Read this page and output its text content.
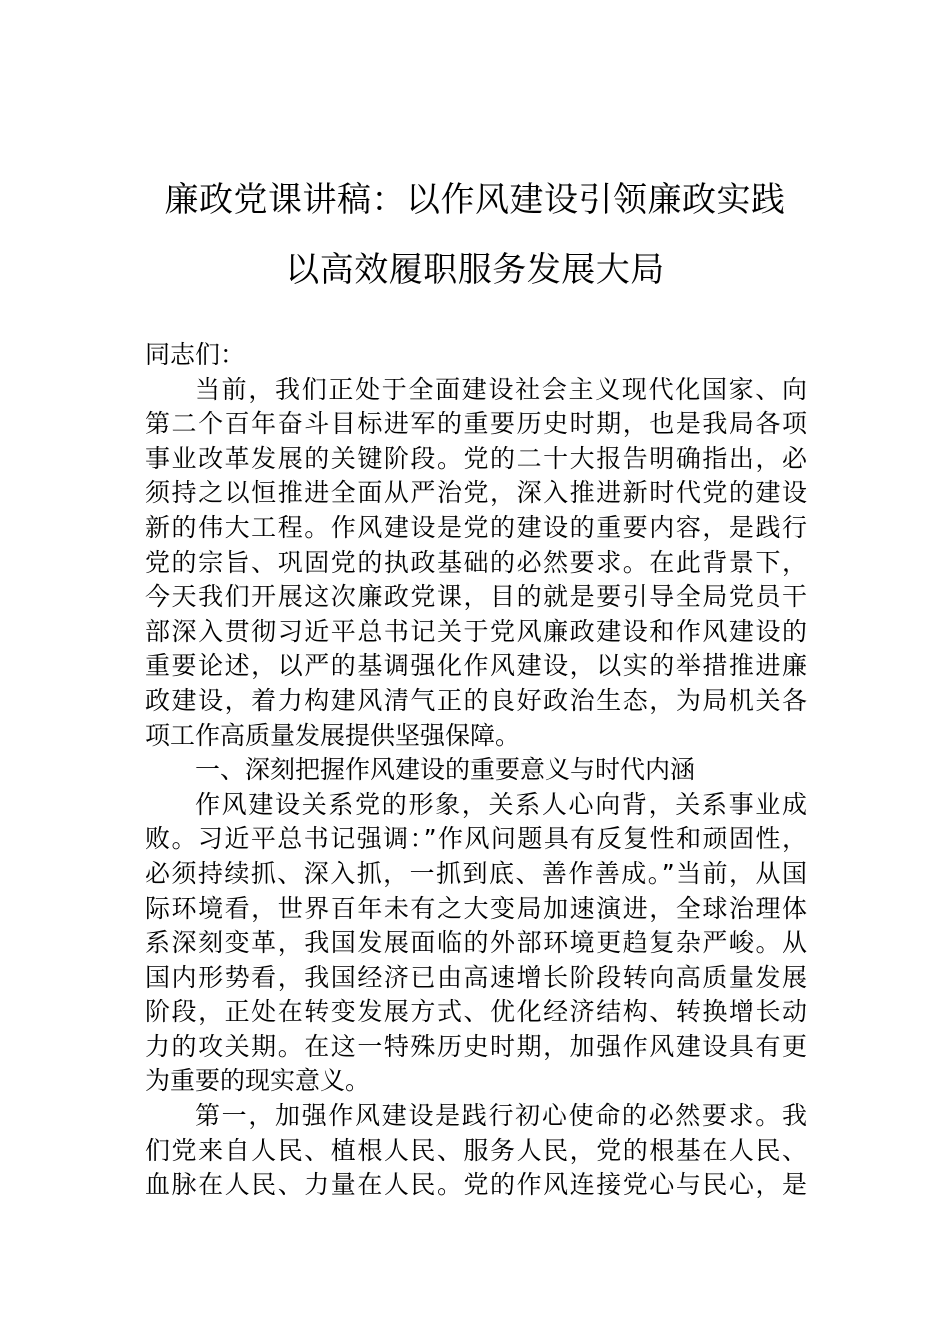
廉政党课讲稿：以作风建设引领廉政实践
以高效履职服务发展大局
同志们：
当前，我们正处于全面建设社会主义现代化国家、向
第二个百年奋斗目标进军的重要历史时期，也是我局各项
事业改革发展的关键阶段。党的二十大报告明确指出，必
须持之以恒推进全面从严治党，深入推进新时代党的建设
新的伟大工程。作风建设是党的建设的重要内容，是践行
党的宗旨、巩固党的执政基础的必然要求。在此背景下，
今天我们开展这次廉政党课，目的就是要引导全局党员干
部深入贯彻习近平总书记关于党风廉政建设和作风建设的
重要论述，以严的基调强化作风建设，以实的举措推进廉
政建设，着力构建风清气正的良好政治生态，为局机关各
项工作高质量发展提供坚强保障。
一、深刻把握作风建设的重要意义与时代内涵
作风建设关系党的形象，关系人心向背，关系事业成
败。习近平总书记强调：”作风问题具有反复性和顽固性，
必须持续抓、深入抓，一抓到底、善作善成。”当前，从国
际环境看，世界百年未有之大变局加速演进，全球治理体
系深刻变革，我国发展面临的外部环境更趋复杂严峻。从
国内形势看，我国经济已由高速增长阶段转向高质量发展
阶段，正处在转变发展方式、优化经济结构、转换增长动
力的攻关期。在这一特殊历史时期，加强作风建设具有更
为重要的现实意义。
第一，加强作风建设是践行初心使命的必然要求。我
们党来自人民、植根人民、服务人民，党的根基在人民、
血脉在人民、力量在人民。党的作风连接党心与民心，是
